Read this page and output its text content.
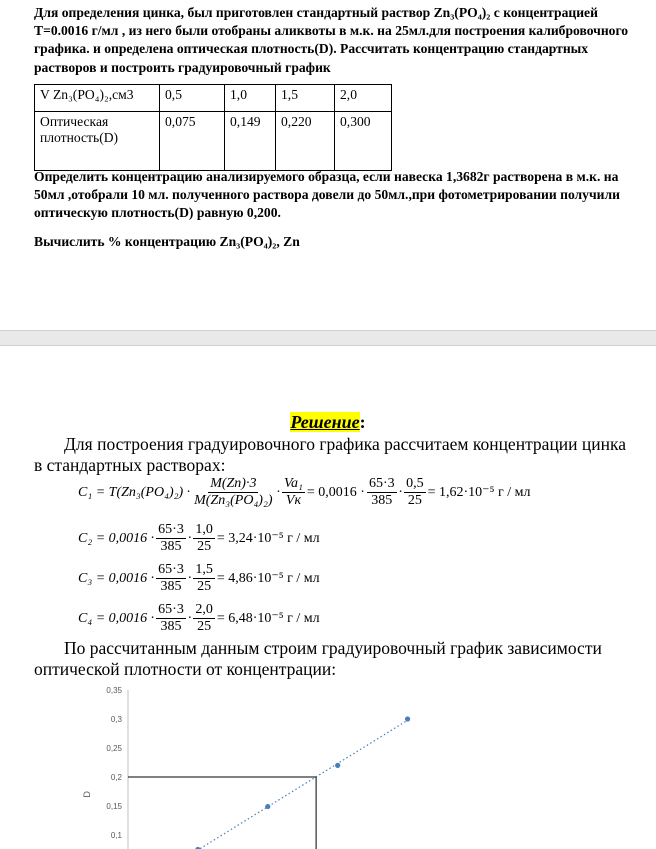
Для определения цинка, был приготовлен стандартный раствор Zn₃(PO₄)₂ с концентрацией T=0.0016 г/мл , из него были отобраны аликвоты в м.к. на 25мл.для построения калибровочного графика. и определена оптическая плотность(D). Рассчитать концентрацию стандартных растворов и построить градуировочный график
V Zn₃(PO₄)₂,см3	0,5	1,0	1,5	2,0
Оптическая плотность(D)	0,075	0,149	0,220	0,300
Определить концентрацию анализируемого образца, если навеска 1,3682г растворена в м.к. на 50мл ,отобрали 10 мл. полученного раствора довели до 50мл.,при фотометрировании получили оптическую плотность(D) равную 0,200.
Вычислить % концентрацию Zn₃(PO₄)₂, Zn
Решение:
Для построения градуировочного графика рассчитаем концентрации цинка в стандартных растворах:
$C_1 = T(Zn_3(PO_4)_2) \cdot \frac{M(Zn)\cdot 3}{\text{M(Zn₃(PO₄)₂)}} \cdot \frac{\text{Va₁}}{Vк} = 0,0016 \cdot \frac{65\cdot 3}{385} \cdot \frac{0,5}{25} = 1,62\cdot 10^{-5}$ г / мл
$C_2 = 0,0016 \cdot \frac{65\cdot 3}{385} \cdot \frac{1,0}{25} = 3,24\cdot 10^{-5}$ г / мл
$C_3 = 0,0016 \cdot \frac{65\cdot 3}{385} \cdot \frac{1,5}{25} = 4,86\cdot 10^{-5}$ г / мл
$C_4 = 0,0016 \cdot \frac{65\cdot 3}{385} \cdot \frac{2,0}{25} = 6,48\cdot 10^{-5}$ г / мл
По рассчитанным данным строим градуировочный график зависимости оптической плотности от концентрации:
0,35
0,3
0,25
0,2
0,15
0,1
D
